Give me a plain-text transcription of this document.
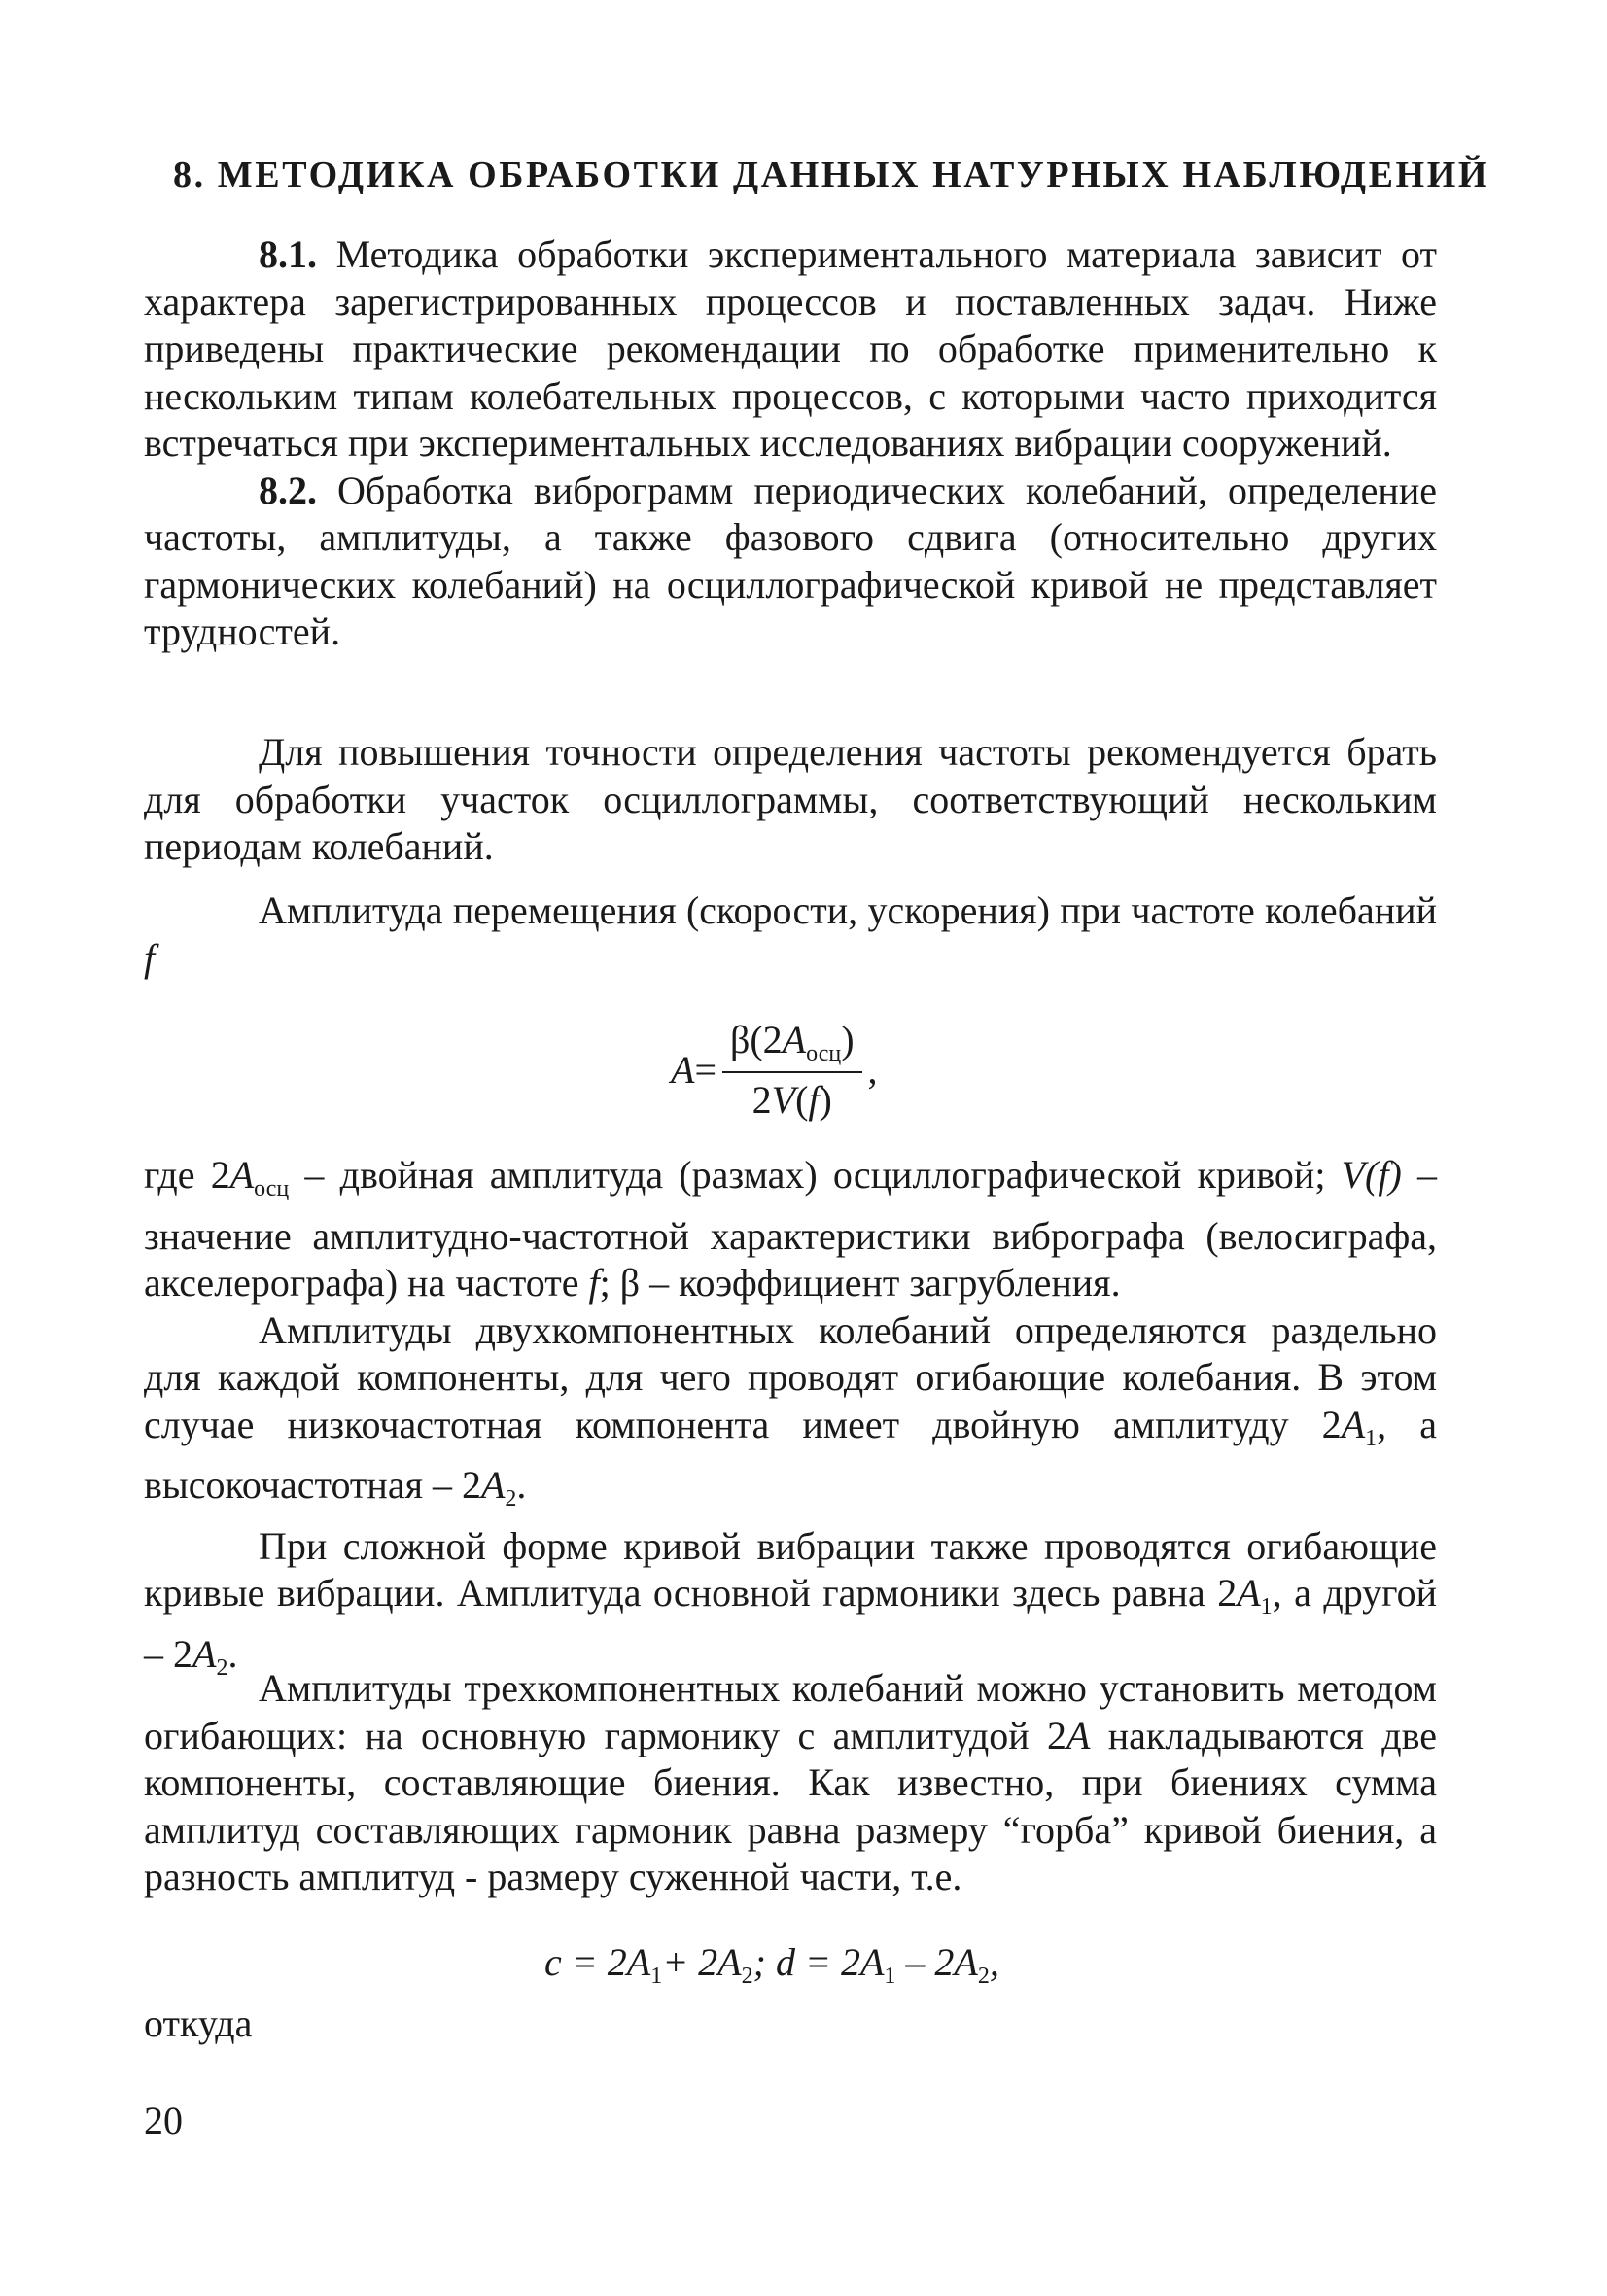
8. МЕТОДИКА ОБРАБОТКИ ДАННЫХ НАТУРНЫХ НАБЛЮДЕНИЙ

8.1. Методика обработки экспериментального материала зависит от характера зарегистрированных процессов и поставленных задач. Ниже приведены практические рекомендации по обработке применительно к нескольким типам колебательных процессов, с которыми часто приходится встречаться при экспериментальных исследованиях вибрации сооружений.

8.2. Обработка виброграмм периодических колебаний, определение частоты, амплитуды, а также фазового сдвига (относительно других гармонических колебаний) на осциллографической кривой не представляет трудностей.

Для повышения точности определения частоты рекомендуется брать для обработки участок осциллограммы, соответствующий нескольким периодам колебаний.

Амплитуда перемещения (скорости, ускорения) при частоте колебаний f

$A = \frac{\beta(2A_{осц})}{2V(f)}$ ,

где $2A_{осц}$ – двойная амплитуда (размах) осциллографической кривой; V(f) – значение амплитудно-частотной характеристики вибрографа (велосиграфа, акселерографа) на частоте f; β – коэффициент загрубления.

Амплитуды двухкомпонентных колебаний определяются раздельно для каждой компоненты, для чего проводят огибающие колебания. В этом случае низкочастотная компонента имеет двойную амплитуду $2A_1$, а высокочастотная – $2A_2$.

При сложной форме кривой вибрации также проводятся огибающие кривые вибрации. Амплитуда основной гармоники здесь равна $2A_1$, а другой – $2A_2$.

Амплитуды трехкомпонентных колебаний можно установить методом огибающих: на основную гармонику с амплитудой 2A накладываются две компоненты, составляющие биения. Как известно, при биениях сумма амплитуд составляющих гармоник равна размеру “горба” кривой биения, а разность амплитуд - размеру суженной части, т.е.

$c = 2A_1+ 2A_2$; $d = 2A_1 - 2A_2$,

откуда

20
